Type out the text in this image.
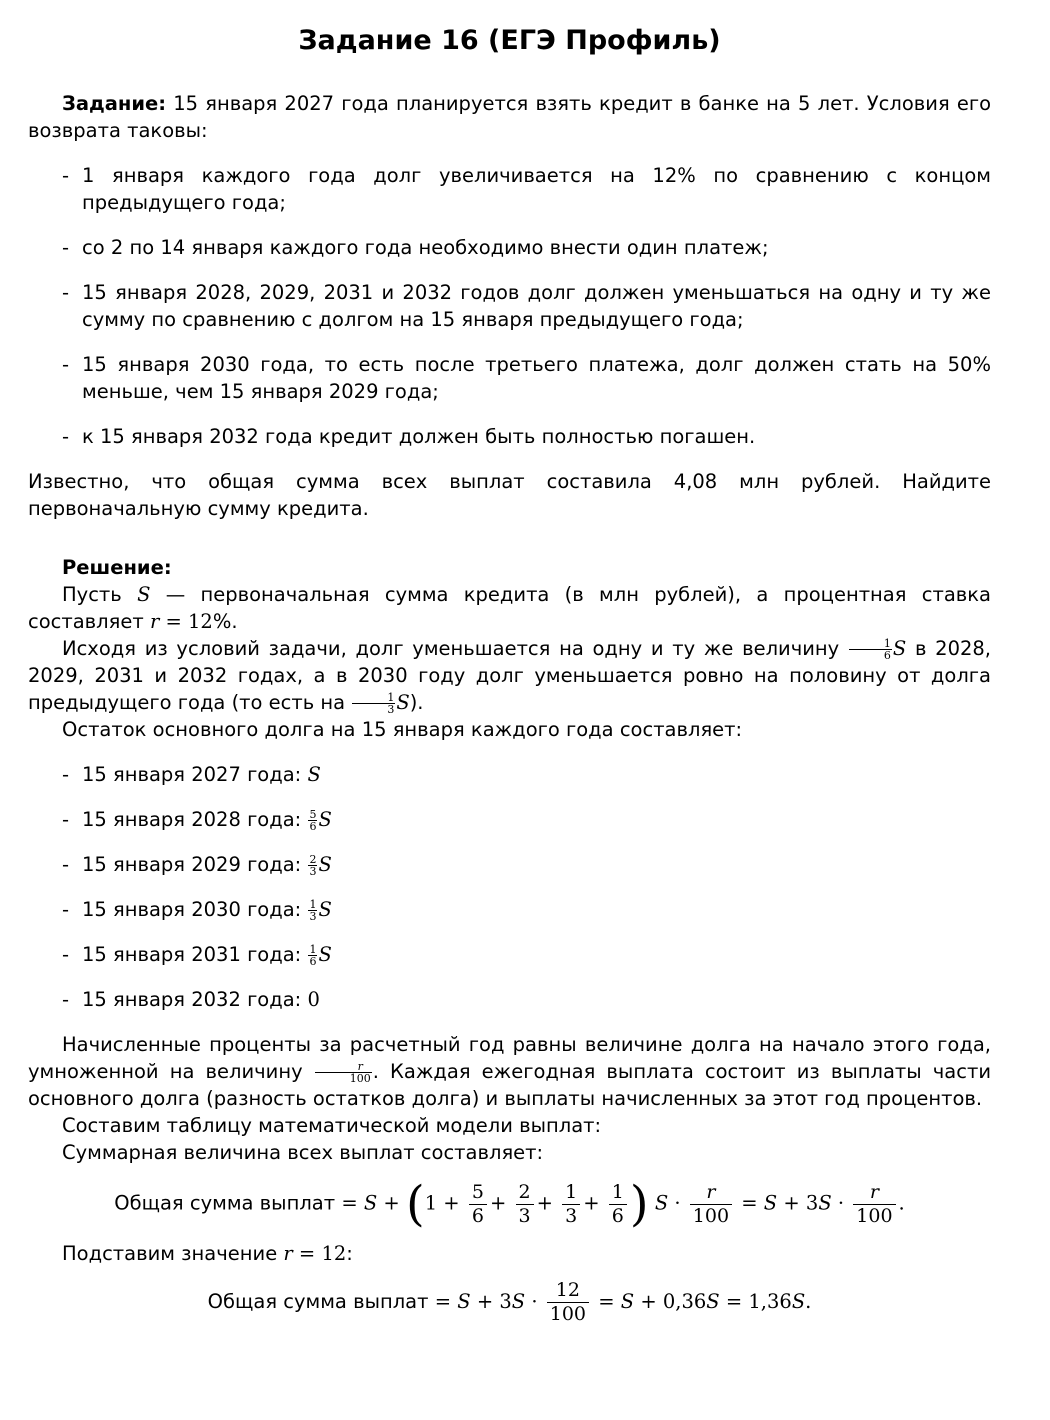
Задание 16 (ЕГЭ Профиль)

Задание: 15 января 2027 года планируется взять кредит в банке на 5 лет. Условия его возврата таковы:

- 1 января каждого года долг увеличивается на 12% по сравнению с концом предыдущего года;
- со 2 по 14 января каждого года необходимо внести один платеж;
- 15 января 2028, 2029, 2031 и 2032 годов долг должен уменьшаться на одну и ту же сумму по сравнению с долгом на 15 января предыдущего года;
- 15 января 2030 года, то есть после третьего платежа, долг должен стать на 50% меньше, чем 15 января 2029 года;
- к 15 января 2032 года кредит должен быть полностью погашен.

Известно, что общая сумма всех выплат составила 4,08 млн рублей. Найдите первоначальную сумму кредита.

Решение:

Пусть S — первоначальная сумма кредита (в млн рублей), а процентная ставка составляет r = 12%.

Исходя из условий задачи, долг уменьшается на одну и ту же величину $\frac{1}{6}$ S в 2028, 2029, 2031 и 2032 годах, а в 2030 году долг уменьшается ровно на половину от долга предыдущего года (то есть на $\frac{1}{3} S$).

Остаток основного долга на 15 января каждого года составляет:

- 15 января 2027 года: S
- 15 января 2028 года: $\frac{5}{6}$ S
- 15 января 2029 года: $\frac{2}{3}$ S
- 15 января 2030 года: $\frac{1}{3}$ S
- 15 января 2031 года: $\frac{1}{6}$ S
- 15 января 2032 года: 0

Начисленные проценты за расчетный год равны величине долга на начало этого года, умноженной на величину $\frac{r}{100}$ . Каждая ежегодная выплата состоит из выплаты части основного долга (разность остатков долга) и выплаты начисленных за этот год процентов.

Составим таблицу математической модели выплат:

Суммарная величина всех выплат составляет:

Общая сумма выплат = $S + (1 + \frac{5}{6} + \frac{2}{3} + \frac{1}{3} + \frac{1}{6}$ ) $S \cdot \frac{r}{100} = S + 3S \cdot \frac{r}{100}$ .

Подставим значение r = 12:

Общая сумма выплат = $S + 3S \cdot \frac{12}{100} = S + 0,36S = 1,36S$.
